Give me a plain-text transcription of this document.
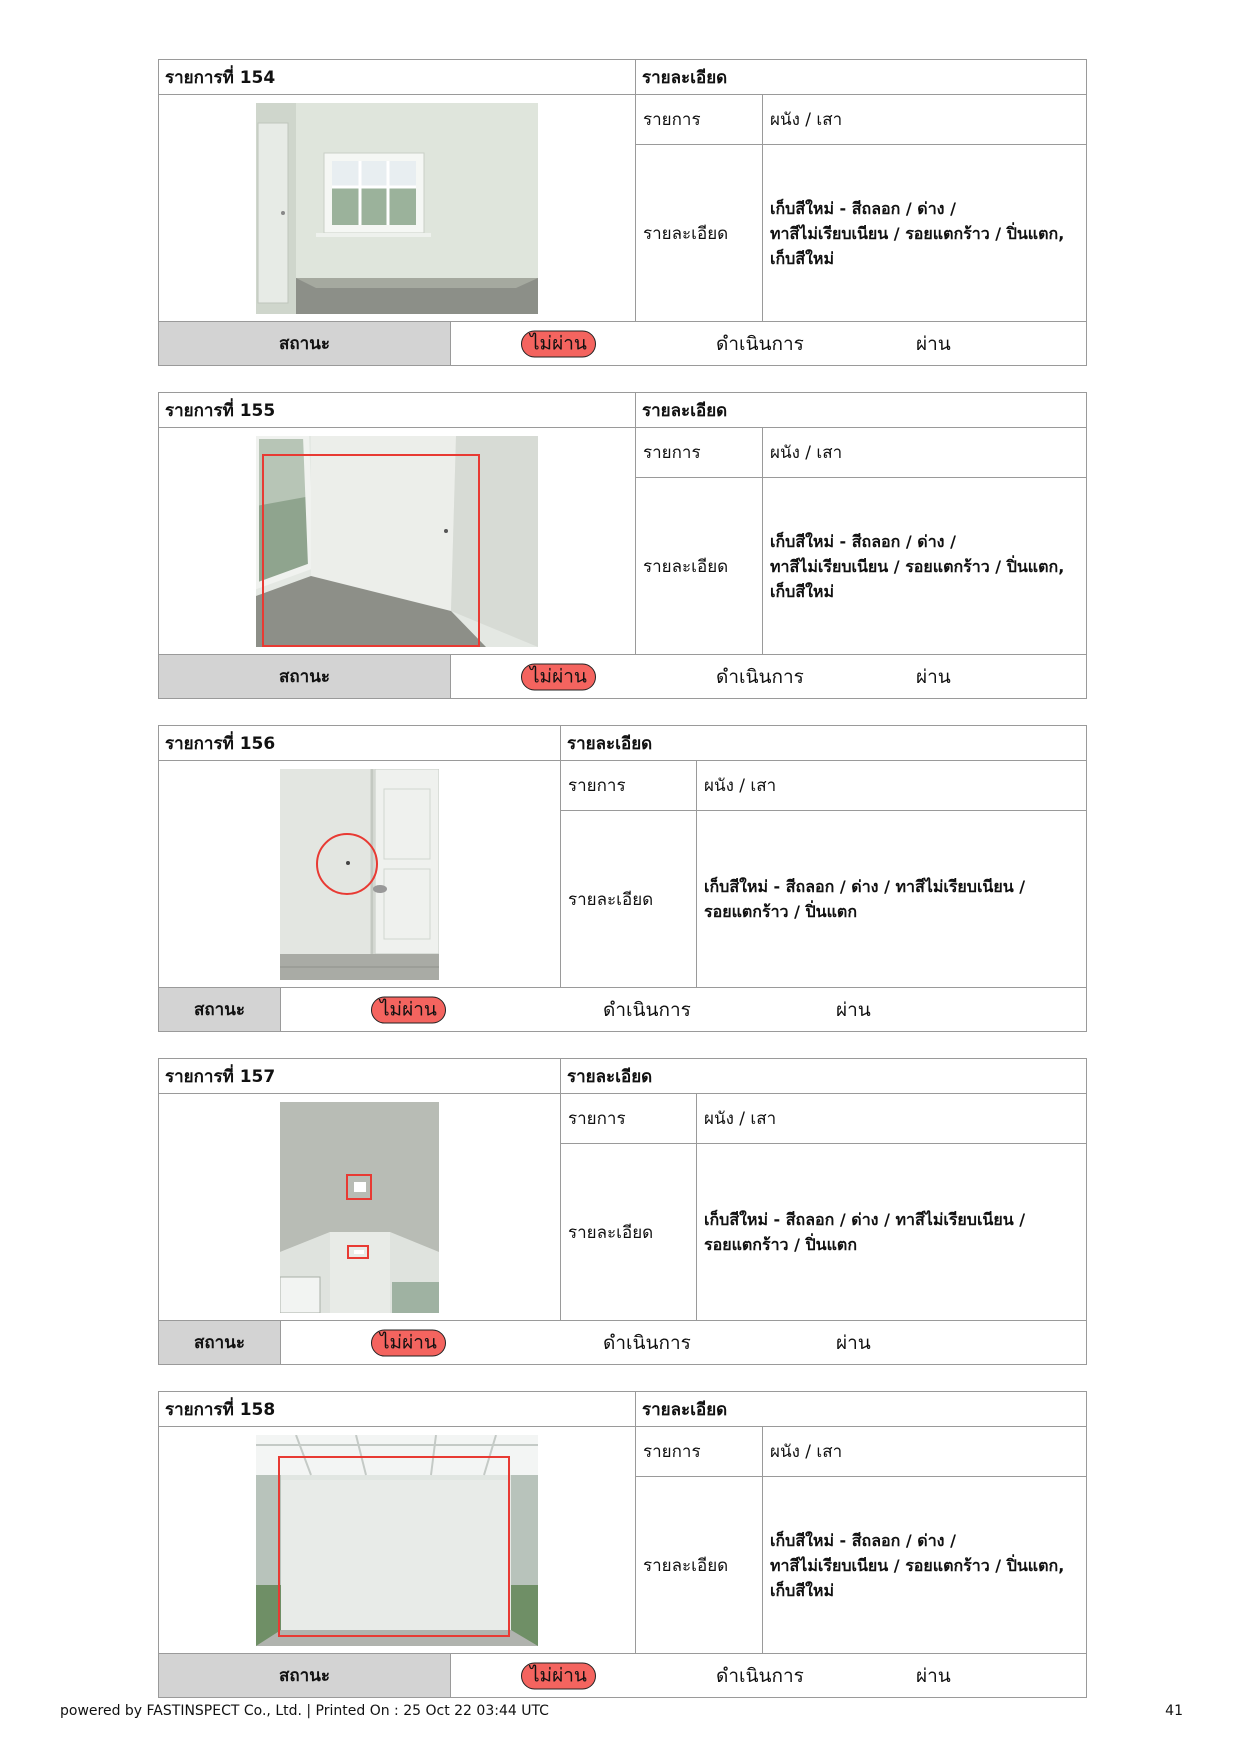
รายการที่ 154		รายละเอียด	
	รายการ	ผนัง / เสา
		รายละเอียด	เก็บสีใหม่ - สีถลอก / ด่าง /
ทาสีไม่เรียบเนียน / รอยแตกร้าว / ปิ่นแตก,
เก็บสีใหม่

สถานะ	ไม่ผ่าน ดำเนินการ ผ่าน		
รายการที่ 155		รายละเอียด	

	รายการ	ผนัง / เสา
		รายละเอียด	เก็บสีใหม่ - สีถลอก / ด่าง /
ทาสีไม่เรียบเนียน / รอยแตกร้าว / ปิ่นแตก,
เก็บสีใหม่

สถานะ	ไม่ผ่าน ดำเนินการ ผ่าน		
รายการที่ 156		รายละเอียด	

	รายการ	ผนัง / เสา
		รายละเอียด	เก็บสีใหม่ - สีถลอก / ด่าง / ทาสีไม่เรียบเนียน /
รอยแตกร้าว / ปิ่นแตก

สถานะ	ไม่ผ่าน ดำเนินการ ผ่าน		
รายการที่ 157		รายละเอียด	

	รายการ	ผนัง / เสา
		รายละเอียด	เก็บสีใหม่ - สีถลอก / ด่าง / ทาสีไม่เรียบเนียน /
รอยแตกร้าว / ปิ่นแตก

สถานะ	ไม่ผ่าน ดำเนินการ ผ่าน		
รายการที่ 158		รายละเอียด	

	รายการ	ผนัง / เสา
		รายละเอียด	เก็บสีใหม่ - สีถลอก / ด่าง /
ทาสีไม่เรียบเนียน / รอยแตกร้าว / ปิ่นแตก,
เก็บสีใหม่

สถานะ	ไม่ผ่าน ดำเนินการ ผ่าน		
powered by FASTINSPECT Co., Ltd. | Printed On : 25 Oct 22 03:44 UTC	41
